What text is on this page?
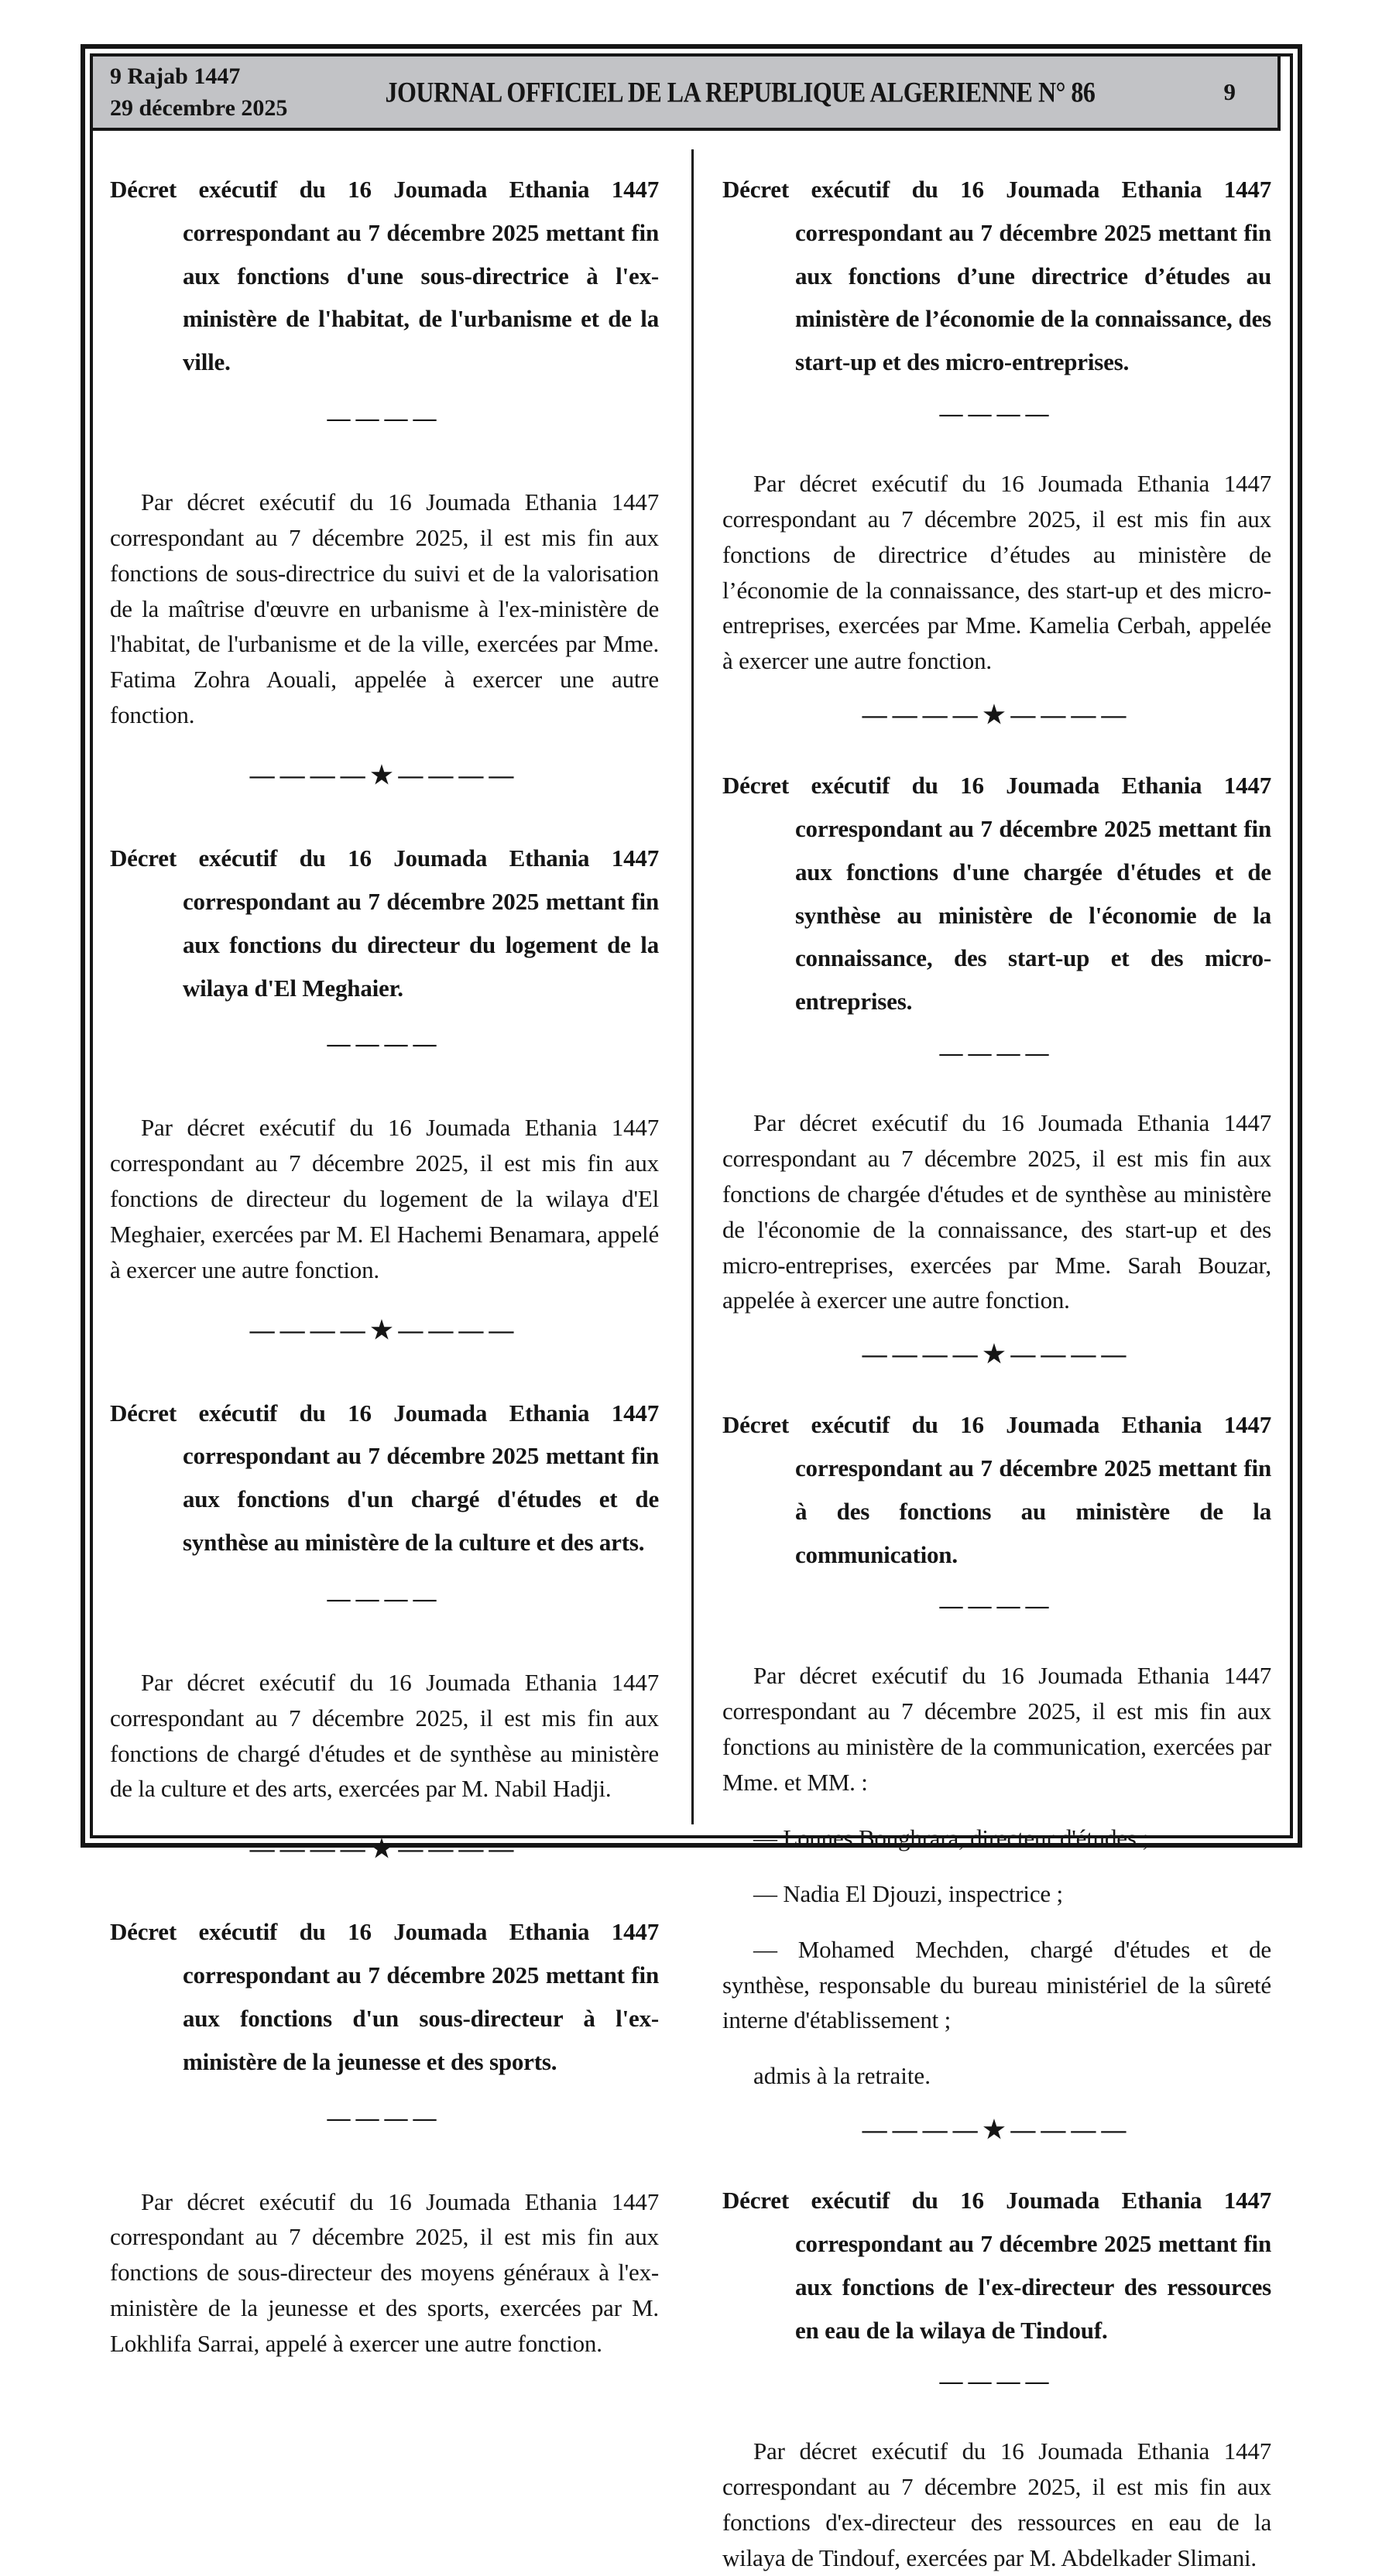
9 Rajab 1447
29 décembre 2025
JOURNAL OFFICIEL DE LA REPUBLIQUE ALGERIENNE N° 86	9
Décret exécutif du 16 Joumada Ethania 1447 correspondant au 7 décembre 2025 mettant fin aux fonctions d'une sous-directrice à l'ex-ministère de l'habitat, de l'urbanisme et de la ville.
————

Par décret exécutif du 16 Joumada Ethania 1447 correspondant au 7 décembre 2025, il est mis fin aux fonctions de sous-directrice du suivi et de la valorisation de la maîtrise d'œuvre en urbanisme à l'ex-ministère de l'habitat, de l'urbanisme et de la ville, exercées par Mme. Fatima Zohra Aouali, appelée à exercer une autre fonction.

————★————
Décret exécutif du 16 Joumada Ethania 1447 correspondant au 7 décembre 2025 mettant fin aux fonctions du directeur du logement de la wilaya d'El Meghaier.
————

Par décret exécutif du 16 Joumada Ethania 1447 correspondant au 7 décembre 2025, il est mis fin aux fonctions de directeur du logement de la wilaya d'El Meghaier, exercées par M. El Hachemi Benamara, appelé à exercer une autre fonction.

————★————
Décret exécutif du 16 Joumada Ethania 1447 correspondant au 7 décembre 2025 mettant fin aux fonctions d'un chargé d'études et de synthèse au ministère de la culture et des arts.
————

Par décret exécutif du 16 Joumada Ethania 1447 correspondant au 7 décembre 2025, il est mis fin aux fonctions de chargé d'études et de synthèse au ministère de la culture et des arts, exercées par M. Nabil Hadji.

————★————
Décret exécutif du 16 Joumada Ethania 1447 correspondant au 7 décembre 2025 mettant fin aux fonctions d'un sous-directeur à l'ex-ministère de la jeunesse et des sports.
————

Par décret exécutif du 16 Joumada Ethania 1447 correspondant au 7 décembre 2025, il est mis fin aux fonctions de sous-directeur des moyens généraux à l'ex-ministère de la jeunesse et des sports, exercées par M. Lokhlifa Sarrai, appelé à exercer une autre fonction.

Décret exécutif du 16 Joumada Ethania 1447 correspondant au 7 décembre 2025 mettant fin aux fonctions d’une directrice d’études au ministère de l’économie de la connaissance, des start-up et des micro-entreprises.
————

Par décret exécutif du 16 Joumada Ethania 1447 correspondant au 7 décembre 2025, il est mis fin aux fonctions de directrice d’études au ministère de l’économie de la connaissance, des start-up et des micro-entreprises, exercées par Mme. Kamelia Cerbah, appelée à exercer une autre fonction.

————★————
Décret exécutif du 16 Joumada Ethania 1447 correspondant au 7 décembre 2025 mettant fin aux fonctions d'une chargée d'études et de synthèse au ministère de l'économie de la connaissance, des start-up et des micro-entreprises.
————

Par décret exécutif du 16 Joumada Ethania 1447 correspondant au 7 décembre 2025, il est mis fin aux fonctions de chargée d'études et de synthèse au ministère de l'économie de la connaissance, des start-up et des micro-entreprises, exercées par Mme. Sarah Bouzar, appelée à exercer une autre fonction.

————★————
Décret exécutif du 16 Joumada Ethania 1447 correspondant au 7 décembre 2025 mettant fin à des fonctions au ministère de la communication.
————

Par décret exécutif du 16 Joumada Ethania 1447 correspondant au 7 décembre 2025, il est mis fin aux fonctions au ministère de la communication, exercées par Mme. et MM. :

— Lounes Boughrara, directeur d'études ;

— Nadia El Djouzi, inspectrice ;

— Mohamed Mechden, chargé d'études et de synthèse, responsable du bureau ministériel de la sûreté interne d'établissement ;

admis à la retraite.

————★————
Décret exécutif du 16 Joumada Ethania 1447 correspondant au 7 décembre 2025 mettant fin aux fonctions de l'ex-directeur des ressources en eau de la wilaya de Tindouf.
————

Par décret exécutif du 16 Joumada Ethania 1447 correspondant au 7 décembre 2025, il est mis fin aux fonctions d'ex-directeur des ressources en eau de la wilaya de Tindouf, exercées par M. Abdelkader Slimani.
